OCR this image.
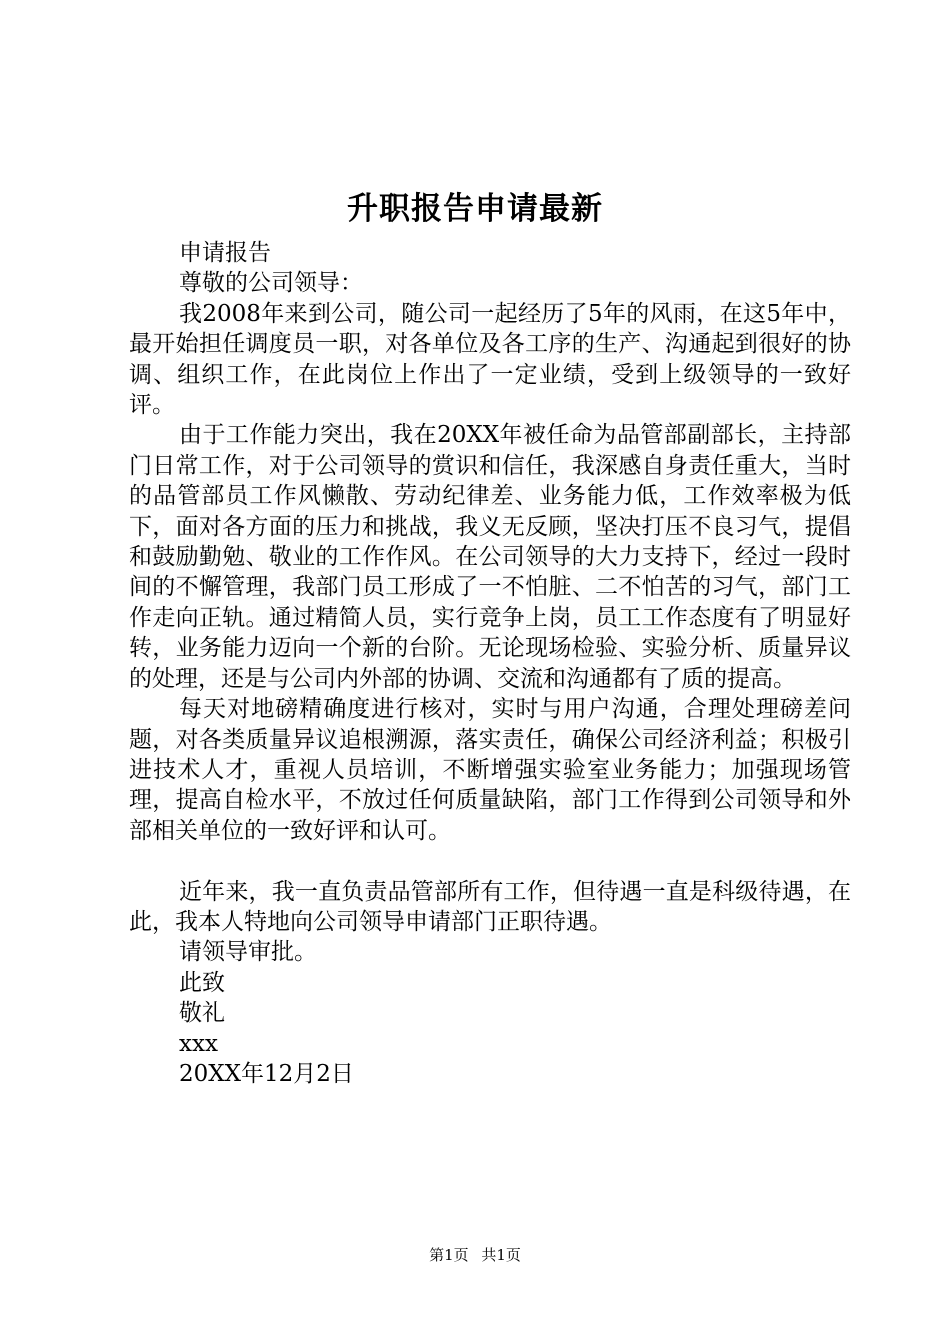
升职报告申请最新

申请报告

尊敬的公司领导：

我2008年来到公司，随公司一起经历了5年的风雨，在这5年中，最开始担任调度员一职，对各单位及各工序的生产、沟通起到很好的协调、组织工作，在此岗位上作出了一定业绩，受到上级领导的一致好评。

由于工作能力突出，我在20XX年被任命为品管部副部长，主持部门日常工作，对于公司领导的赏识和信任，我深感自身责任重大，当时的品管部员工作风懒散、劳动纪律差、业务能力低，工作效率极为低下，面对各方面的压力和挑战，我义无反顾，坚决打压不良习气，提倡和鼓励勤勉、敬业的工作作风。在公司领导的大力支持下，经过一段时间的不懈管理，我部门员工形成了一不怕脏、二不怕苦的习气，部门工作走向正轨。通过精简人员，实行竞争上岗，员工工作态度有了明显好转，业务能力迈向一个新的台阶。无论现场检验、实验分析、质量异议的处理，还是与公司内外部的协调、交流和沟通都有了质的提高。

每天对地磅精确度进行核对，实时与用户沟通，合理处理磅差问题，对各类质量异议追根溯源，落实责任，确保公司经济利益；积极引进技术人才，重视人员培训，不断增强实验室业务能力；加强现场管理，提高自检水平，不放过任何质量缺陷，部门工作得到公司领导和外部相关单位的一致好评和认可。

近年来，我一直负责品管部所有工作，但待遇一直是科级待遇，在此，我本人特地向公司领导申请部门正职待遇。

请领导审批。

此致

敬礼

xxx

20XX年12月2日

第1页 共1页
